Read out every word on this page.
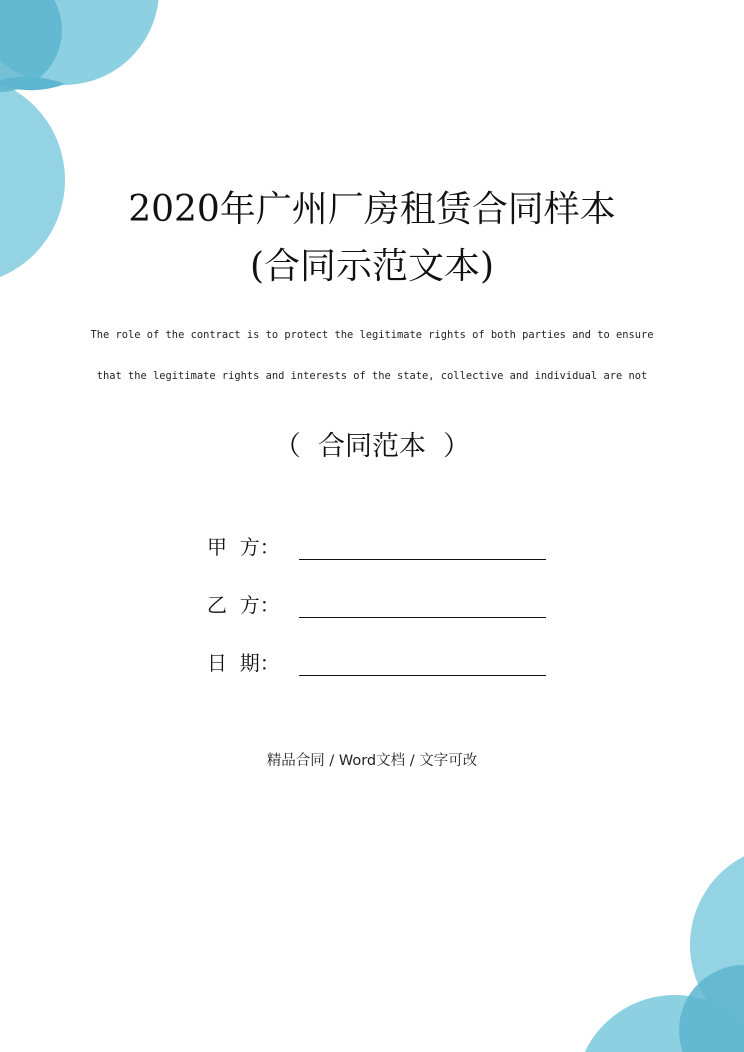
2020年广州厂房租赁合同样本
(合同示范文本)
The role of the contract is to protect the legitimate rights of both parties and to ensure
that the legitimate rights and interests of the state, collective and individual are not
（  合同范本  ）
甲  方：
乙  方：
日  期：
精品合同 / Word文档 / 文字可改
